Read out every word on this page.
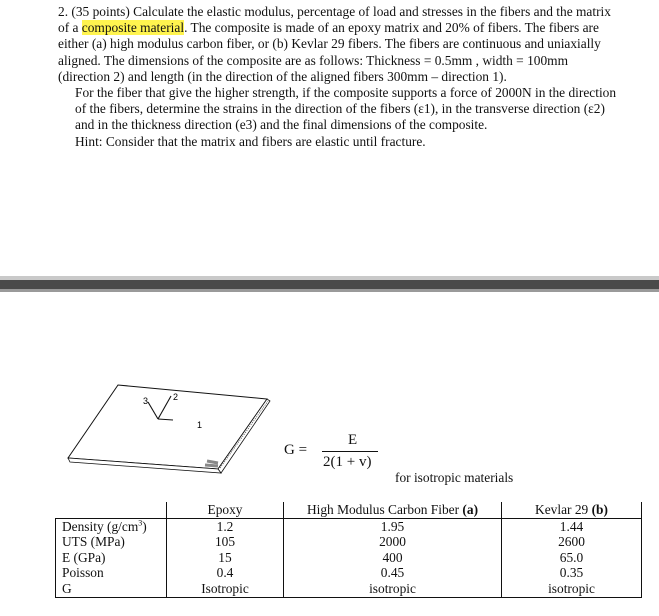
2. (35 points) Calculate the elastic modulus, percentage of load and stresses in the fibers and the matrix of a composite material. The composite is made of an epoxy matrix and 20% of fibers. The fibers are either (a) high modulus carbon fiber, or (b) Kevlar 29 fibers. The fibers are continuous and uniaxially aligned. The dimensions of the composite are as follows: Thickness = 0.5mm , width = 100mm (direction 2) and length (in the direction of the aligned fibers 300mm – direction 1).

For the fiber that give the higher strength, if the composite supports a force of 2000N in the direction of the fibers, determine the strains in the direction of the fibers (ε1), in the transverse direction (ε2) and in the thickness direction (e3) and the final dimensions of the composite.

Hint: Consider that the matrix and fibers are elastic until fracture.

3	2
1
G =
E
2(1 + v)
for isotropic materials
	Epoxy	High Modulus Carbon Fiber (a)	Kevlar 29 (b)
Density $(g/cm^3)$	1.2	1.95	1.44
UTS (MPa)	105	2000	2600
E (GPa)	15	400	65.0
Poisson	0.4	0.45	0.35
G	Isotropic	isotropic	isotropic
